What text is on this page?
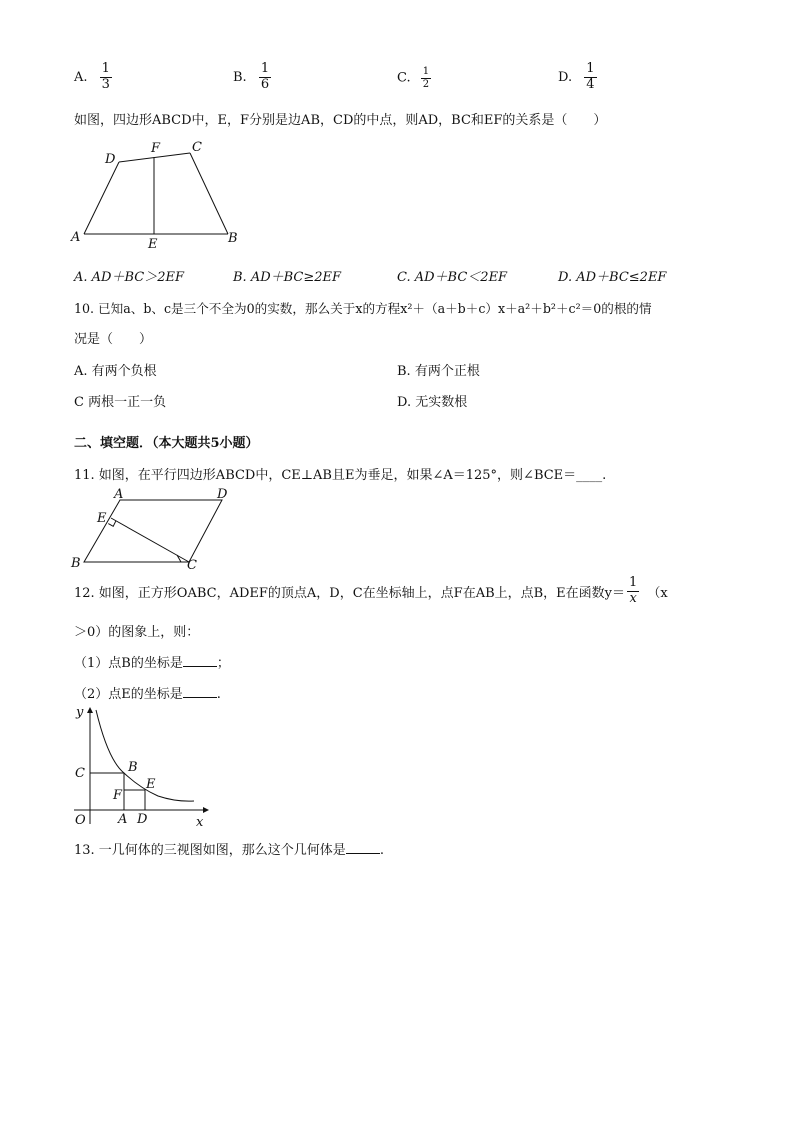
A. $\frac{1}{3}$	B. $\frac{1}{6}$	C. $\frac{1}{2}$	D. $\frac{1}{4}$
如图，四边形ABCD中，E，F分别是边AB，CD的中点，则AD，BC和EF的关系是（　　）
D
F C
A	E	B
A. AD＋BC＞2EF	B. AD＋BC≥2EF	C. AD＋BC＜2EF	D. AD＋BC≤2EF
10. 已知a、b、c是三个不全为0的实数，那么关于x的方程x²＋（a＋b＋c）x＋a²＋b²＋c²＝0的根的情
况是（　　）
A. 有两个负根	B. 有两个正根
C 两根一正一负	D. 无实数根
二、填空题．（本大题共5小题）
11. 如图，在平行四边形ABCD中，CE⊥AB且E为垂足，如果∠A＝125°，则∠BCE＝____.
A	D
E
B	C
12. 如图，正方形OABC，ADEF的顶点A，D，C在坐标轴上，点F在AB上，点B，E在函数$y= \frac{1}{x} (x$
＞0）的图象上，则：
（1）点B的坐标是	；
（2）点E的坐标是	.
y
C	B
E
F
O A D	x
13. 一几何体的三视图如图，那么这个几何体是	.
